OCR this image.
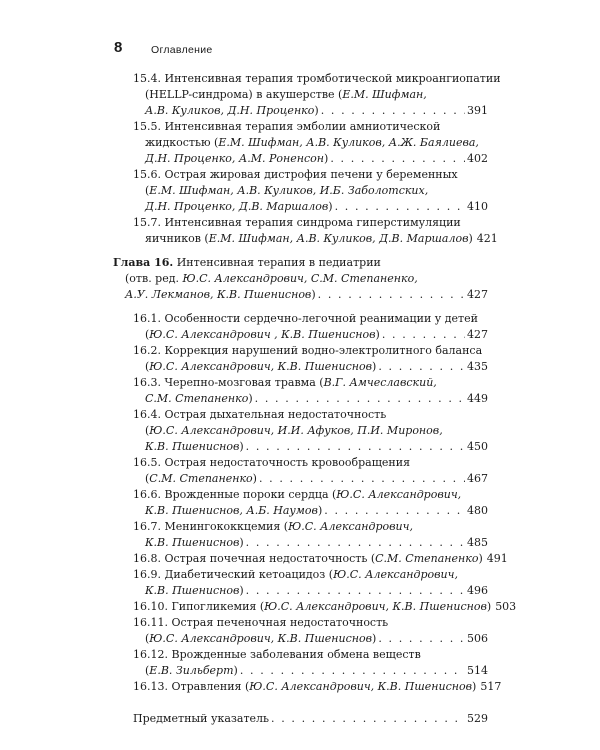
8	Оглавление
15.4. Интенсивная терапия тромботической микроангиопатии
(HELLP-синдрома) в акушерстве (Е.М. Шифман,
А.В. Куликов, Д.Н. Проценко) . . .	391
15.5. Интенсивная терапия эмболии амниотической
жидкостью (Е.М. Шифман, А.В. Куликов, А.Ж. Баялиева,
Д.Н. Проценко, А.М. Роненсон) . . .	402
15.6. Острая жировая дистрофия печени у беременных
(Е.М. Шифман, А.В. Куликов, И.Б. Заболотских,
Д.Н. Проценко, Д.В. Маршалов) . . .	410
15.7. Интенсивная терапия синдрома гиперстимуляции
яичников (Е.М. Шифман, А.В. Куликов, Д.В. Маршалов) 421
Глава 16. Интенсивная терапия в педиатрии
(отв. ред. Ю.С. Александрович, С.М. Степаненко,
А.У. Лекманов, К.В. Пшениснов) . . .	427
16.1. Особенности сердечно-легочной реанимации у детей
(Ю.С. Александрович , К.В. Пшениснов) . . .	427
16.2. Коррекция нарушений водно-электролитного баланса
(Ю.С. Александрович, К.В. Пшениснов) . . .	435
16.3. Черепно-мозговая травма (В.Г. Амчеславский,
С.М. Степаненко) . . .	449
16.4. Острая дыхательная недостаточность
(Ю.С. Александрович, И.И. Афуков, П.И. Миронов,
К.В. Пшениснов) . . .	450
16.5. Острая недостаточность кровообращения
(С.М. Степаненко) . . .	467
16.6. Врожденные пороки сердца (Ю.С. Александрович,
К.В. Пшениснов, А.Б. Наумов) . . .	480
16.7. Менингококкцемия (Ю.С. Александрович,
К.В. Пшениснов) . . .	485
16.8. Острая почечная недостаточность (С.М. Степаненко) 491
16.9. Диабетический кетоацидоз (Ю.С. Александрович,
К.В. Пшениснов) . . .	496
16.10. Гипогликемия (Ю.С. Александрович, К.В. Пшениснов) 503
16.11. Острая печеночная недостаточность
(Ю.С. Александрович, К.В. Пшениснов) . . .	506
16.12. Врожденные заболевания обмена веществ
(Е.В. Зильберт) . . .	514
16.13. Отравления (Ю.С. Александрович, К.В. Пшениснов) 517
Предметный указатель . . .	529
